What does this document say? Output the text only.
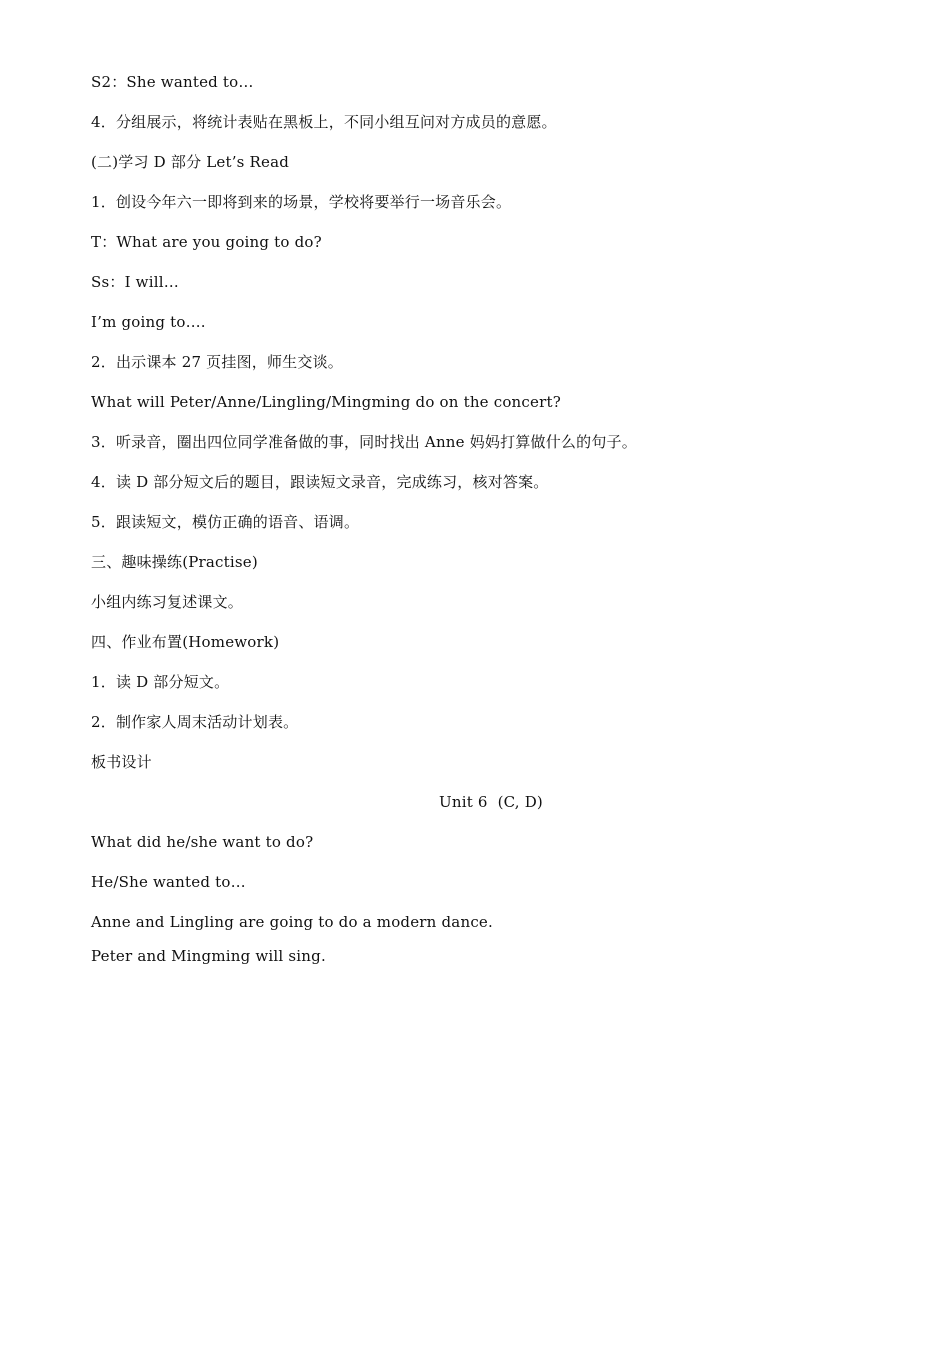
S2：She wanted to…
4．分组展示，将统计表贴在黑板上，不同小组互问对方成员的意愿。
(二)学习 D 部分 Let’s Read
1．创设今年六一即将到来的场景，学校将要举行一场音乐会。
T：What are you going to do?
Ss：I will…
I’m going to….
2．出示课本 27 页挂图，师生交谈。
What will Peter/Anne/Lingling/Mingming do on the concert?
3．听录音，圈出四位同学准备做的事，同时找出 Anne 妈妈打算做什么的句子。
4．读 D 部分短文后的题目，跟读短文录音，完成练习，核对答案。
5．跟读短文，模仿正确的语音、语调。
三、趣味操练(Practise)
小组内练习复述课文。
四、作业布置(Homework)
1．读 D 部分短文。
2．制作家人周末活动计划表。
板书设计
Unit 6  (C, D)
What did he/she want to do?
He/She wanted to…
Anne and Lingling are going to do a modern dance.
Peter and Mingming will sing.
